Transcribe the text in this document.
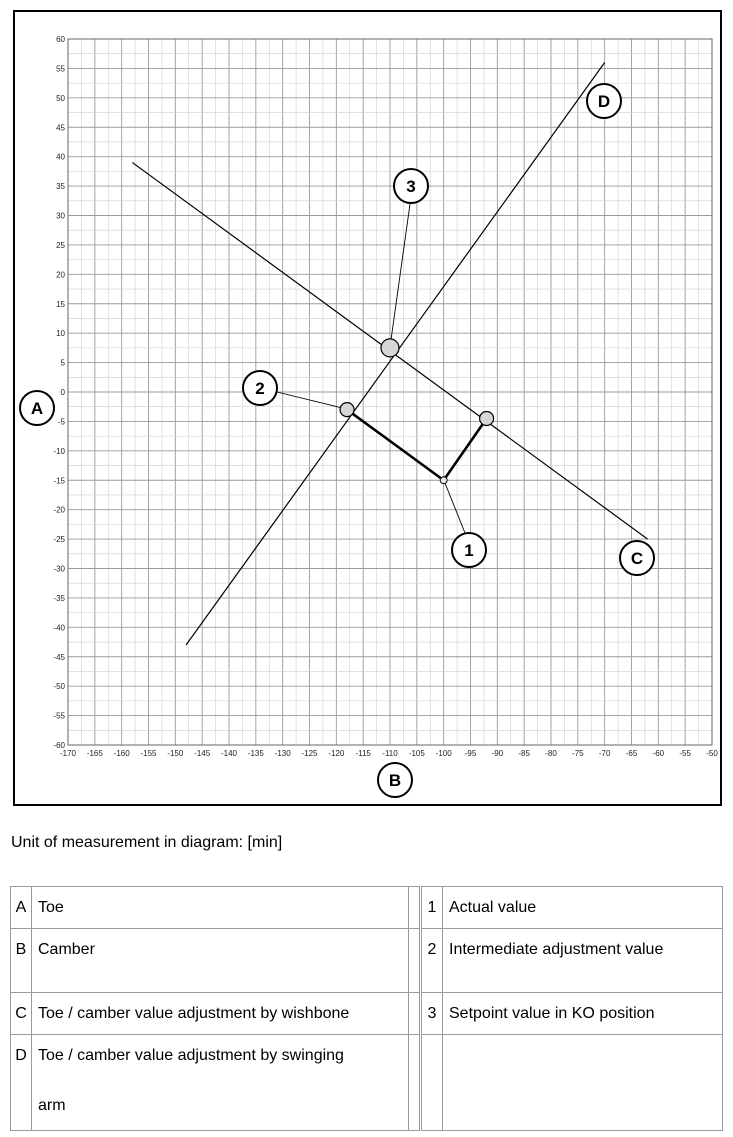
-170 -165 -160 -155 -150 -145 -140 -135 -130 -125 -120 -115 -110 -105 -100 -95 -90 -85 -80 -75 -70 -65 -60 -55 -50
60
55
50
45
40
35
30
25
20
15
10
5
0
-5
-10
-15
-20
-25
-30
-35
-40
-45
-50
-55
-60
A
B
C
D
1
2
3

Unit of measurement in diagram: [min]

A	Toe		1	Actual value
B	Camber		2	Intermediate adjustment value
C	Toe / camber value adjustment by wishbone		3	Setpoint value in KO position
D	Toe / camber value adjustment by swinging
arm			
